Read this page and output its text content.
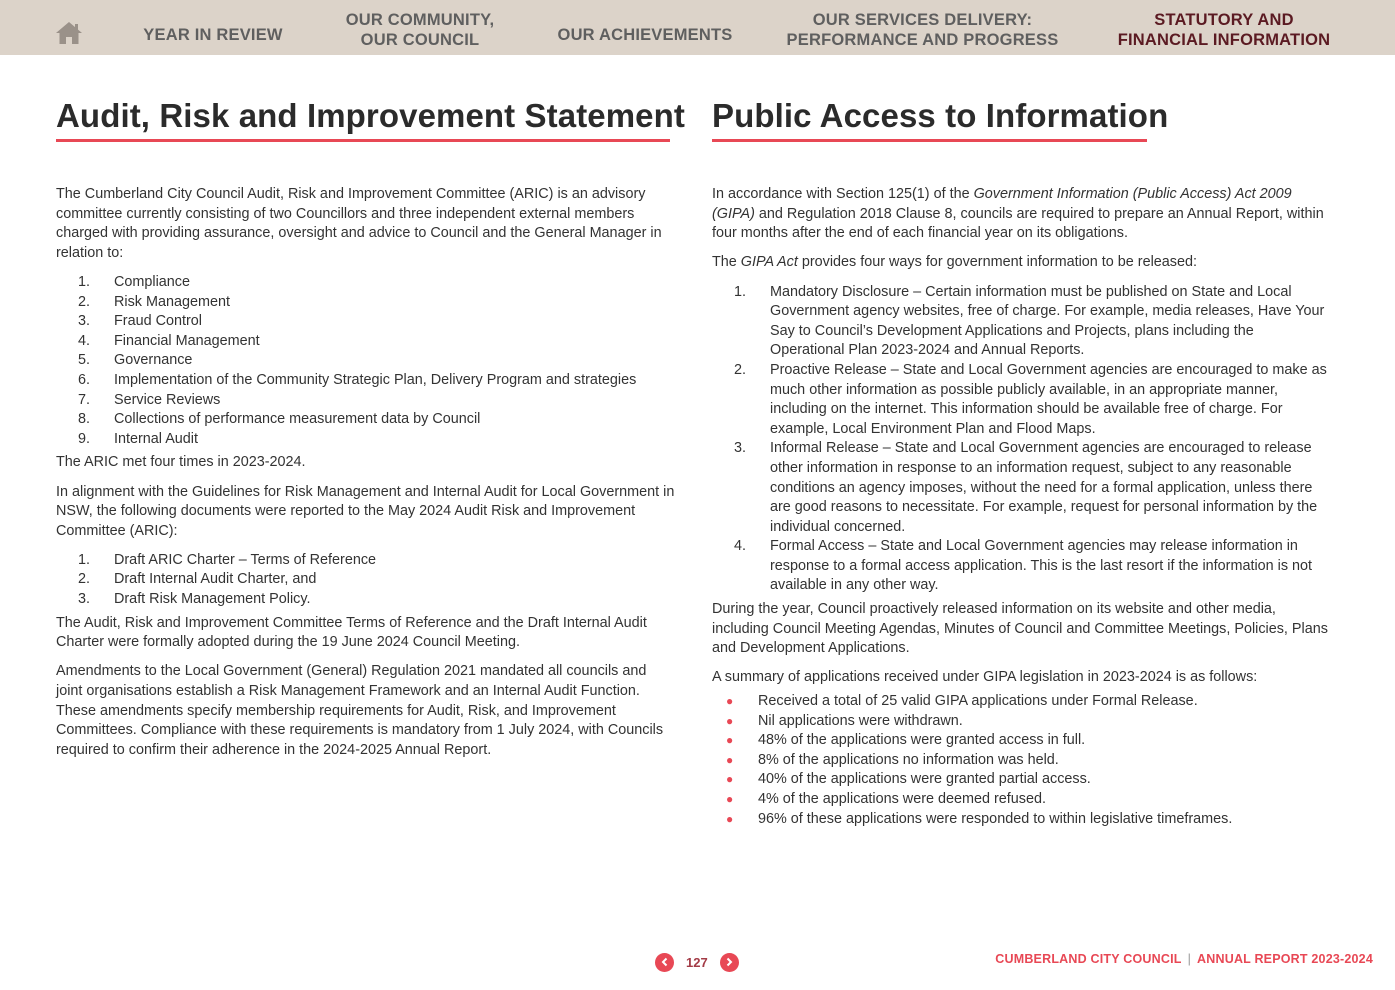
YEAR IN REVIEW
OUR COMMUNITY,
OUR COUNCIL	OUR ACHIEVEMENTS
OUR SERVICES DELIVERY:
PERFORMANCE AND PROGRESS
STATUTORY AND
FINANCIAL INFORMATION
Audit, Risk and Improvement Statement

The Cumberland City Council Audit, Risk and Improvement Committee (ARIC) is an advisory committee currently consisting of two Councillors and three independent external members charged with providing assurance, oversight and advice to Council and the General Manager in relation to:

1.	Compliance
2.	Risk Management
3.	Fraud Control
4.	Financial Management
5.	Governance
6.	Implementation of the Community Strategic Plan, Delivery Program and strategies
7.	Service Reviews
8.	Collections of performance measurement data by Council
9.	Internal Audit

The ARIC met four times in 2023-2024.

In alignment with the Guidelines for Risk Management and Internal Audit for Local Government in NSW, the following documents were reported to the May 2024 Audit Risk and Improvement Committee (ARIC):

1.	Draft ARIC Charter – Terms of Reference
2.	Draft Internal Audit Charter, and
3.	Draft Risk Management Policy.

The Audit, Risk and Improvement Committee Terms of Reference and the Draft Internal Audit Charter were formally adopted during the 19 June 2024 Council Meeting.

Amendments to the Local Government (General) Regulation 2021 mandated all councils and joint organisations establish a Risk Management Framework and an Internal Audit Function. These amendments specify membership requirements for Audit, Risk, and Improvement Committees. Compliance with these requirements is mandatory from 1 July 2024, with Councils required to confirm their adherence in the 2024-2025 Annual Report.

Public Access to Information

In accordance with Section 125(1) of the Government Information (Public Access) Act 2009 (GIPA) and Regulation 2018 Clause 8, councils are required to prepare an Annual Report, within four months after the end of each financial year on its obligations.

The GIPA Act provides four ways for government information to be released:

1.	Mandatory Disclosure – Certain information must be published on State and Local Government agency websites, free of charge. For example, media releases, Have Your Say to Council’s Development Applications and Projects, plans including the Operational Plan 2023-2024 and Annual Reports.
2.	Proactive Release – State and Local Government agencies are encouraged to make as much other information as possible publicly available, in an appropriate manner, including on the internet. This information should be available free of charge. For example, Local Environment Plan and Flood Maps.
3.	Informal Release – State and Local Government agencies are encouraged to release other information in response to an information request, subject to any reasonable conditions an agency imposes, without the need for a formal application, unless there are good reasons to necessitate. For example, request for personal information by the individual concerned.
4.	Formal Access – State and Local Government agencies may release information in response to a formal access application. This is the last resort if the information is not available in any other way.

During the year, Council proactively released information on its website and other media, including Council Meeting Agendas, Minutes of Council and Committee Meetings, Policies, Plans and Development Applications.

A summary of applications received under GIPA legislation in 2023-2024 is as follows:

●	Received a total of 25 valid GIPA applications under Formal Release.
●	Nil applications were withdrawn.
●	48% of the applications were granted access in full.
●	8% of the applications no information was held.
●	40% of the applications were granted partial access.
●	4% of the applications were deemed refused.
●	96% of these applications were responded to within legislative timeframes.
127	CUMBERLAND CITY COUNCIL | ANNUAL REPORT 2023-2024
